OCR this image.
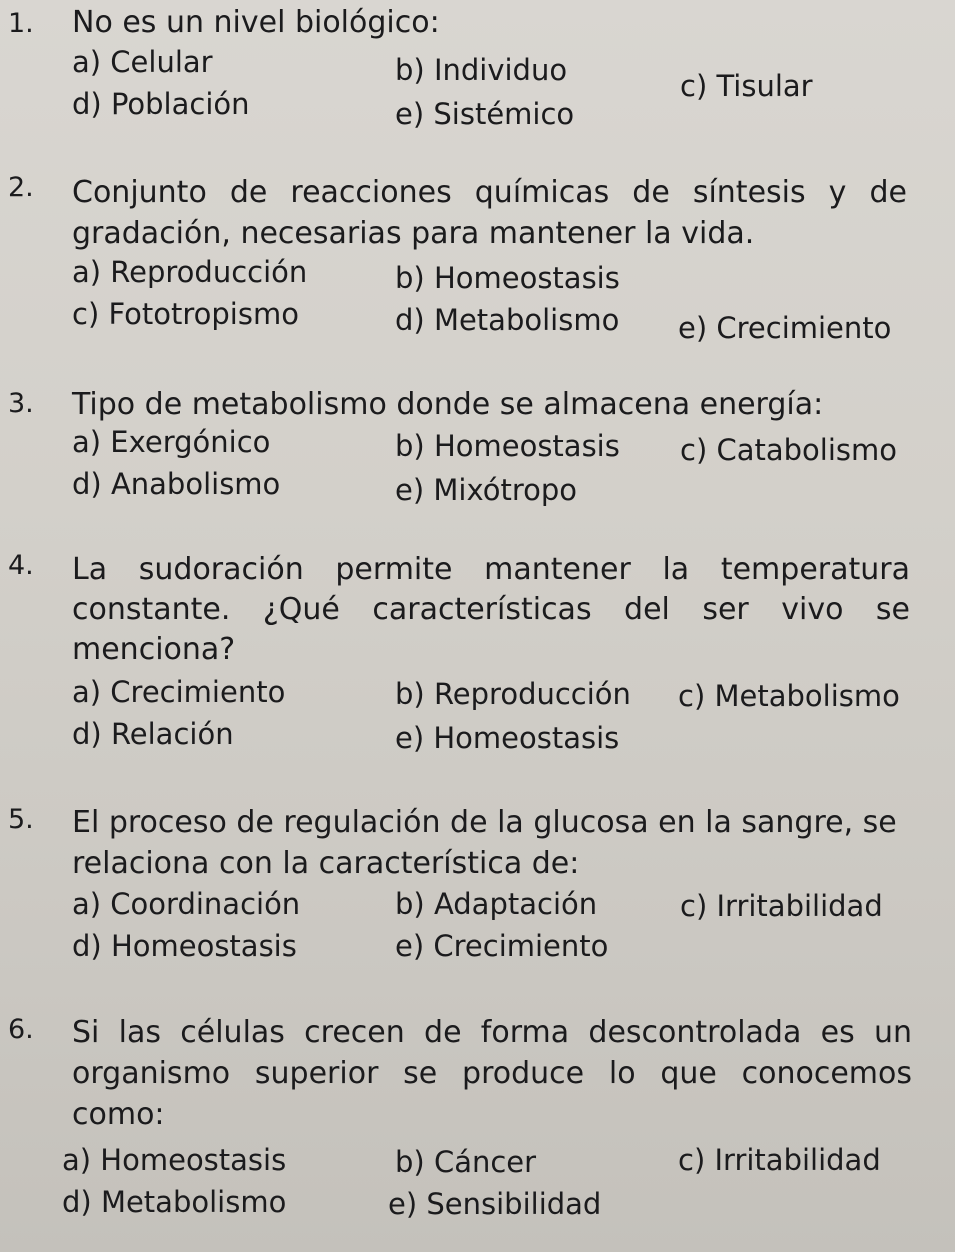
1. No es un nivel biológico:
a) Celular	b) Individuo	c) Tisular
d) Población	e) Sistémico
2. Conjunto de reacciones químicas de síntesis y de
gradación, necesarias para mantener la vida.
a) Reproducción	b) Homeostasis
c) Fototropismo	d) Metabolismo e) Crecimiento
3. Tipo de metabolismo donde se almacena energía:
a) Exergónico	b) Homeostasis c) Catabolismo
d) Anabolismo	e) Mixótropo
4. La sudoración permite mantener la temperatura
constante. ¿Qué características del ser vivo se
menciona?
a) Crecimiento	b) Reproducción c) Metabolismo
d) Relación	e) Homeostasis
5. El proceso de regulación de la glucosa en la sangre, se
relaciona con la característica de:
a) Coordinación	b) Adaptación	c) Irritabilidad
d) Homeostasis	e) Crecimiento
6. Si las células crecen de forma descontrolada es un
organismo superior se produce lo que conocemos
como:
a) Homeostasis	b) Cáncer	c) Irritabilidad
d) Metabolismo	e) Sensibilidad
